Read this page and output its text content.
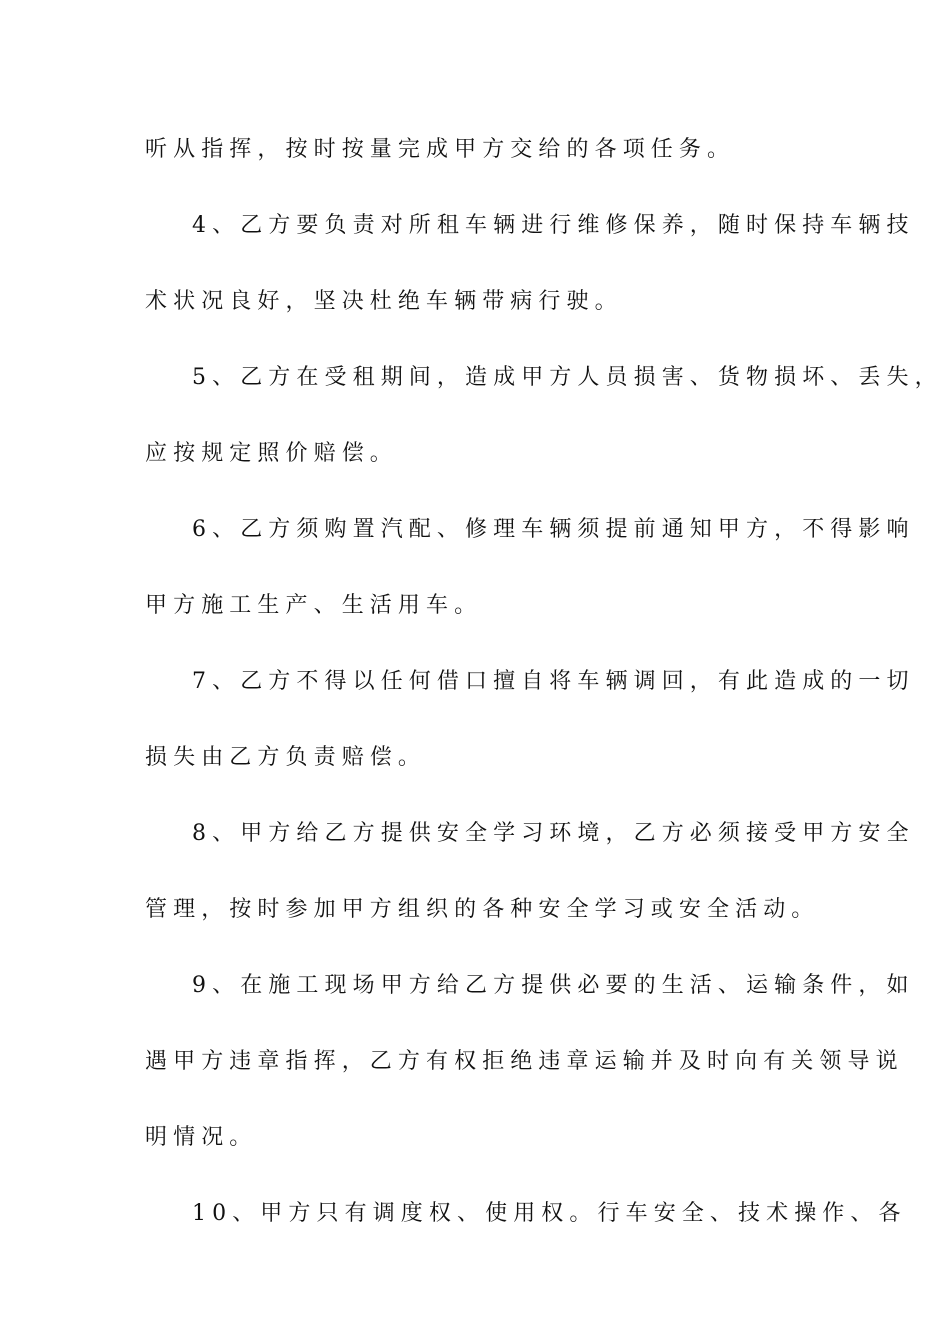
听从指挥，按时按量完成甲方交给的各项任务。
4、乙方要负责对所租车辆进行维修保养，随时保持车辆技
术状况良好，坚决杜绝车辆带病行驶。
5、乙方在受租期间，造成甲方人员损害、货物损坏、丢失，
应按规定照价赔偿。
6、乙方须购置汽配、修理车辆须提前通知甲方，不得影响
甲方施工生产、生活用车。
7、乙方不得以任何借口擅自将车辆调回，有此造成的一切
损失由乙方负责赔偿。
8、甲方给乙方提供安全学习环境，乙方必须接受甲方安全
管理，按时参加甲方组织的各种安全学习或安全活动。
9、在施工现场甲方给乙方提供必要的生活、运输条件，如
遇甲方违章指挥，乙方有权拒绝违章运输并及时向有关领导说
明情况。
10、甲方只有调度权、使用权。行车安全、技术操作、各
